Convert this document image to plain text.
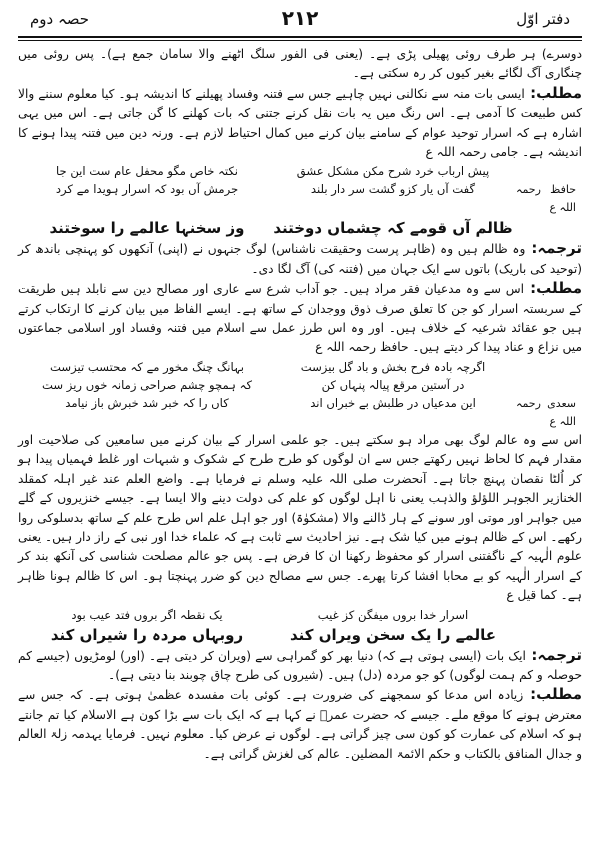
دفتر اوّل
۲۱۲
حصہ دوم

دوسرے) ہر طرف روئی پھیلی پڑی ہے۔ (یعنی فی الفور سلگ اٹھنے والا سامان جمع ہے)۔ پس روئی میں چنگاری آگ لگائے بغیر کیوں کر رہ سکتی ہے۔

مطلب: ایسی بات منہ سے نکالنی نہیں چاہیے جس سے فتنہ وفساد پھیلنے کا اندیشہ ہو۔ کیا معلوم سننے والا کس طبیعت کا آدمی ہے۔ اس رنگ میں یہ بات نقل کرنے جتنی کہ بات کھلنے کا گن جاتی ہے۔ اس میں یہی اشارہ ہے کہ اسرار توحید عوام کے سامنے بیان کرنے میں کمال احتیاط لازم ہے۔ ورنہ دین میں فتنہ پیدا ہونے کا اندیشہ ہے۔ جامی رحمہ اللہ ع

پیش ارباب خرد شرح مکن مشکل عشق
نکتہ خاص مگو محفل عام ست این جا
حافظ رحمہ اللہ ع
گفت آں یار کزو گشت سر دار بلند
جرمش آں بود کہ اسرار ہویدا مے کرد
ظالم آں قومے کہ چشماں دوختند
وز سخنہا عالمے را سوختند

ترجمہ: وہ ظالم ہیں وہ (ظاہر پرست وحقیقت ناشناس) لوگ جنہوں نے (اپنی) آنکھوں کو پہنچی باندھ کر (توحید کی باریک) باتوں سے ایک جہان میں (فتنہ کی) آگ لگا دی۔

مطلب: اس سے وہ مدعیان فقر مراد ہیں۔ جو آداب شرع سے عاری اور مصالح دین سے نابلد ہیں طریقت کے سربستہ اسرار کو جن کا تعلق صرف ذوق ووجدان کے ساتھ ہے۔ ایسے الفاظ میں بیان کرنے کا ارتکاب کرتے ہیں جو عقائد شرعیہ کے خلاف ہیں۔ اور وہ اس طرز عمل سے اسلام میں فتنہ وفساد اور اسلامی جماعتوں میں نزاع و عناد پیدا کر دیتے ہیں۔ حافظ رحمہ اللہ ع

اگرچہ بادہ فرح بخش و باد گل بیزست
بہانگ چنگ مخور مے کہ محتسب تیزست
در آستین مرقع پیالہ پنہاں کن
کہ ہمچو چشم صراحی زمانہ خوں ریز ست
سعدی رحمہ اللہ ع
این مدعیاں در طلبش بے خبراں اند
کاں را کہ خبر شد خبرش باز نیامد

اس سے وہ عالم لوگ بھی مراد ہو سکتے ہیں۔ جو علمی اسرار کے بیان کرنے میں سامعین کی صلاحیت اور مقدار فہم کا لحاظ نہیں رکھتے جس سے ان لوگوں کو طرح طرح کے شکوک و شبہات اور غلط فہمیاں پیدا ہو کر اُلٹا نقصان پہنچ جاتا ہے۔ آنحضرت صلی اللہ علیہ وسلم نے فرمایا ہے۔ واضع العلم عند غیر اہلہ کمقلد الخنازیر الجوہر اللؤلؤ والذہب یعنی نا اہل لوگوں کو علم کی دولت دینے والا ایسا ہے۔ جیسے خنزیروں کے گلے میں جواہر اور موتی اور سونے کے ہار ڈالنے والا (مشکوٰۃ) اور جو اہل علم اس طرح علم کے ساتھ بدسلوکی روا رکھے۔ اس کے ظالم ہونے میں کیا شک ہے۔ نیز احادیث سے ثابت ہے کہ علماء خدا اور نبی کے راز دار ہیں۔ یعنی علوم الٰہیہ کے ناگفتنی اسرار کو محفوظ رکھنا ان کا فرض ہے۔ پس جو عالم مصلحت شناسی کی آنکھ بند کر کے اسرار الٰہیہ کو بے محابا افشا کرتا پھرے۔ جس سے مصالح دین کو ضرر پہنچتا ہو۔ اس کا ظالم ہونا ظاہر ہے۔ کما قیل ع

اسرار خدا بروں میفگن کز غیب
یک نقطہ اگر بروں فتد عیب بود
عالمے را یک سخن ویراں کند
روبہاں مردہ را شیراں کند

ترجمہ: ایک بات (ایسی ہوتی ہے کہ) دنیا بھر کو گمراہی سے (ویران کر دیتی ہے۔ (اور) لومڑیوں (جیسے کم حوصلہ و کم ہمت لوگوں) کو جو مردہ (دل) ہیں۔ (شیروں کی طرح چاق چوبند بنا دیتی ہے)۔

مطلب: زیادہ اس مدعا کو سمجھنے کی ضرورت ہے۔ کوئی بات مفسدہ عظمیٰ ہوتی ہے۔ کہ جس سے معترض ہونے کا موقع ملے۔ جیسے کہ حضرت عمرؓ نے کہا ہے کہ ایک بات سے بڑا کون ہے الاسلام کیا تم جانتے ہو کہ اسلام کی عمارت کو کون سی چیز گراتی ہے۔ لوگوں نے عرض کیا۔ معلوم نہیں۔ فرمایا یہدمہ زلۃ العالم و جدال المنافق بالکتاب و حکم الائمۃ المضلین۔ عالم کی لغزش گراتی ہے۔
